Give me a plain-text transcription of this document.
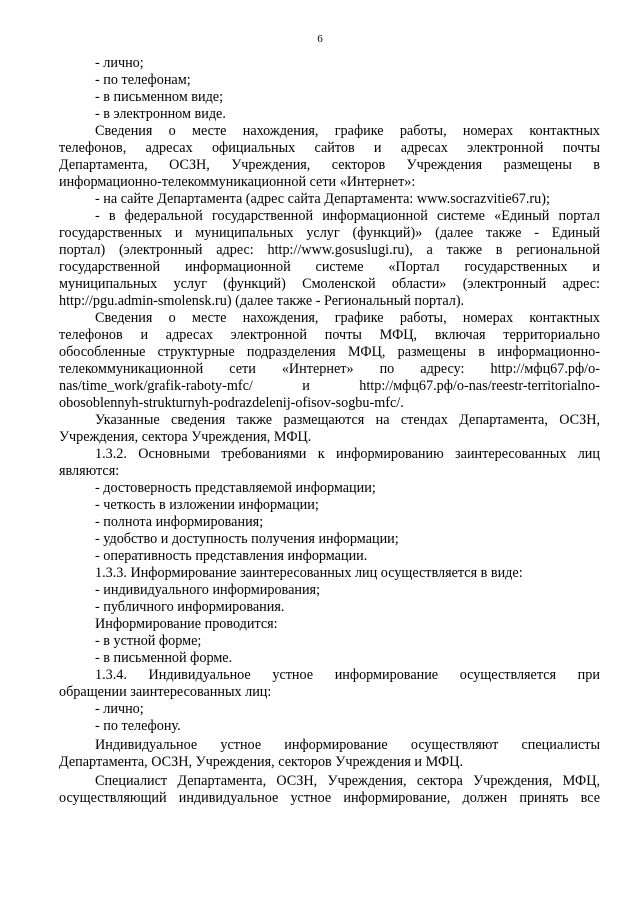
6
- лично;
- по телефонам;
- в письменном виде;
- в электронном виде.
Сведения о месте нахождения, графике работы, номерах контактных
телефонов, адресах официальных сайтов и адресах электронной почты
Департамента, ОСЗН, Учреждения, секторов Учреждения размещены в
информационно-телекоммуникационной сети «Интернет»:
- на сайте Департамента (адрес сайта Департамента: www.socrazvitie67.ru);
- в федеральной государственной информационной системе «Единый портал
государственных и муниципальных услуг (функций)» (далее также - Единый
портал) (электронный адрес: http://www.gosuslugi.ru), а также в региональной
государственной информационной системе «Портал государственных и
муниципальных услуг (функций) Смоленской области» (электронный адрес:
http://pgu.admin-smolensk.ru) (далее также - Региональный портал).
Сведения о месте нахождения, графике работы, номерах контактных
телефонов и адресах электронной почты МФЦ, включая территориально
обособленные структурные подразделения МФЦ, размещены в информационно-
телекоммуникационной сети «Интернет» по адресу: http://мфц67.рф/о-
nas/time_work/grafik-raboty-mfc/	и	http://мфц67.рф/о-nas/reestr-territorialno-
obosoblennyh-strukturnyh-podrazdelenij-ofisov-sogbu-mfc/.
Указанные сведения также размещаются на стендах Департамента, ОСЗН,
Учреждения, сектора Учреждения, МФЦ.
1.3.2. Основными требованиями к информированию заинтересованных лиц
являются:
- достоверность представляемой информации;
- четкость в изложении информации;
- полнота информирования;
- удобство и доступность получения информации;
- оперативность представления информации.
1.3.3. Информирование заинтересованных лиц осуществляется в виде:
- индивидуального информирования;
- публичного информирования.
Информирование проводится:
- в устной форме;
- в письменной форме.
1.3.4. Индивидуальное устное информирование осуществляется при
обращении заинтересованных лиц:
- лично;
- по телефону.
Индивидуальное устное информирование осуществляют специалисты
Департамента, ОСЗН, Учреждения, секторов Учреждения и МФЦ.
Специалист Департамента, ОСЗН, Учреждения, сектора Учреждения, МФЦ,
осуществляющий индивидуальное устное информирование, должен принять все
